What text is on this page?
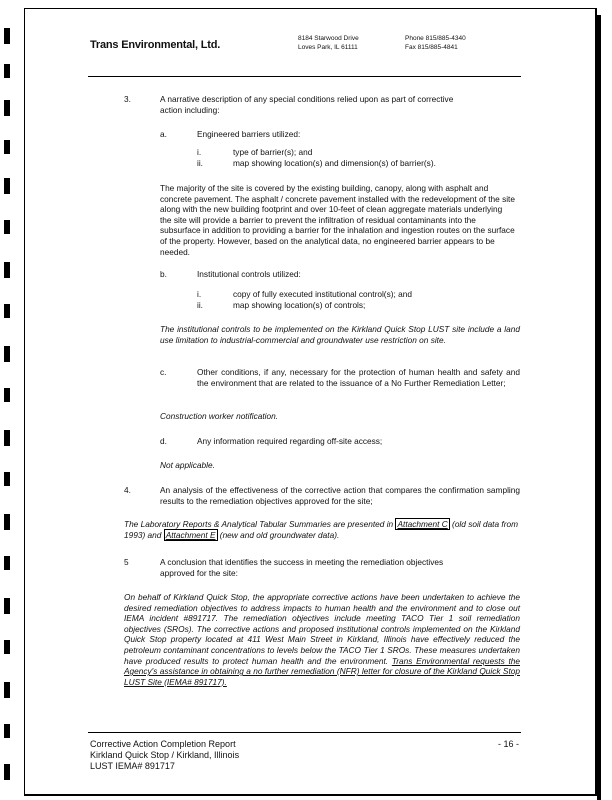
Trans Environmental, Ltd.
8184 Starwood Drive
Loves Park, IL 61111
Phone 815/885-4340
Fax 815/885-4841
3.	A narrative description of any special conditions relied upon as part of corrective
action including:
a.	Engineered barriers utilized:
i.	type of barrier(s); and
ii.	map showing location(s) and dimension(s) of barrier(s).
The majority of the site is covered by the existing building, canopy, along with asphalt and concrete pavement. The asphalt / concrete pavement installed with the redevelopment of the site along with the new building footprint and over 10-feet of clean aggregate materials underlying the site will provide a barrier to prevent the infiltration of residual contaminants into the subsurface in addition to providing a barrier for the inhalation and ingestion routes on the surface of the property. However, based on the analytical data, no engineered barrier appears to be needed.
b.	Institutional controls utilized:
i.	copy of fully executed institutional control(s); and
ii.	map showing location(s) of controls;
The institutional controls to be implemented on the Kirkland Quick Stop LUST site include a land use limitation to industrial-commercial and groundwater use restriction on site.
c.	Other conditions, if any, necessary for the protection of human health and safety and the environment that are related to the issuance of a No Further Remediation Letter;
Construction worker notification.
d.	Any information required regarding off-site access;
Not applicable.
4.	An analysis of the effectiveness of the corrective action that compares the confirmation sampling results to the remediation objectives approved for the site;
The Laboratory Reports & Analytical Tabular Summaries are presented in Attachment C (old soil data from 1993) and Attachment E (new and old groundwater data).
5	A conclusion that identifies the success in meeting the remediation objectives
approved for the site:
On behalf of Kirkland Quick Stop, the appropriate corrective actions have been undertaken to achieve the desired remediation objectives to address impacts to human health and the environment and to close out IEMA incident #891717. The remediation objectives include meeting TACO Tier 1 soil remediation objectives (SROs). The corrective actions and proposed institutional controls implemented on the Kirkland Quick Stop property located at 411 West Main Street in Kirkland, Illinois have effectively reduced the petroleum contaminant concentrations to levels below the TACO Tier 1 SROs. These measures undertaken have produced results to protect human health and the environment. Trans Environmental requests the Agency's assistance in obtaining a no further remediation (NFR) letter for closure of the Kirkland Quick Stop LUST Site (IEMA# 891717).
Corrective Action Completion Report
Kirkland Quick Stop / Kirkland, Illinois
LUST IEMA# 891717
- 16 -
